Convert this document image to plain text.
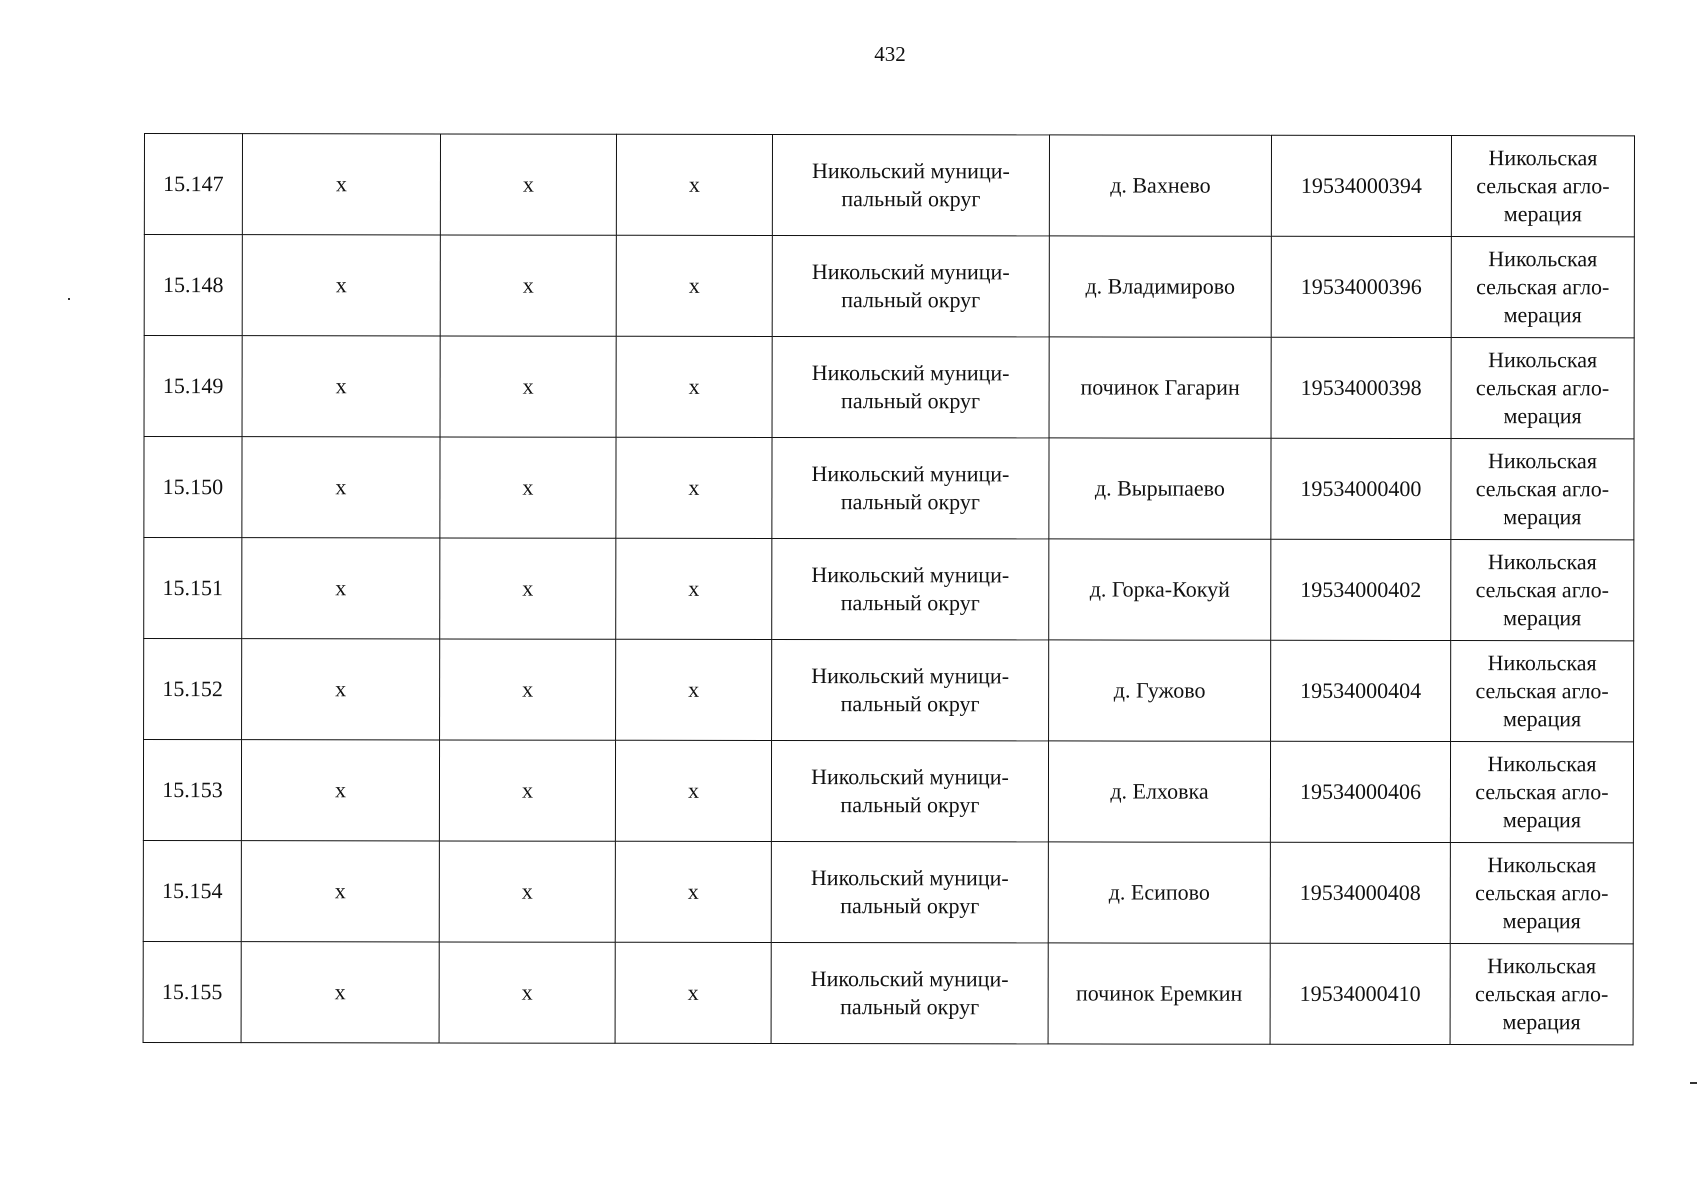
432
15.147	x	x	x	Никольский муници-
пальный округ	д. Вахнево	19534000394	Никольская
сельская агло-
мерация
15.148	x	x	x	Никольский муници-
пальный округ	д. Владимирово	19534000396	Никольская
сельская агло-
мерация
15.149	x	x	x	Никольский муници-
пальный округ	починок Гагарин	19534000398	Никольская
сельская агло-
мерация
15.150	x	x	x	Никольский муници-
пальный округ	д. Вырыпаево	19534000400	Никольская
сельская агло-
мерация
15.151	x	x	x	Никольский муници-
пальный округ	д. Горка-Кокуй	19534000402	Никольская
сельская агло-
мерация
15.152	x	x	x	Никольский муници-
пальный округ	д. Гужово	19534000404	Никольская
сельская агло-
мерация
15.153	x	x	x	Никольский муници-
пальный округ	д. Елховка	19534000406	Никольская
сельская агло-
мерация
15.154	x	x	x	Никольский муници-
пальный округ	д. Есипово	19534000408	Никольская
сельская агло-
мерация
15.155	x	x	x	Никольский муници-
пальный округ	починок Еремкин	19534000410	Никольская
сельская агло-
мерация
